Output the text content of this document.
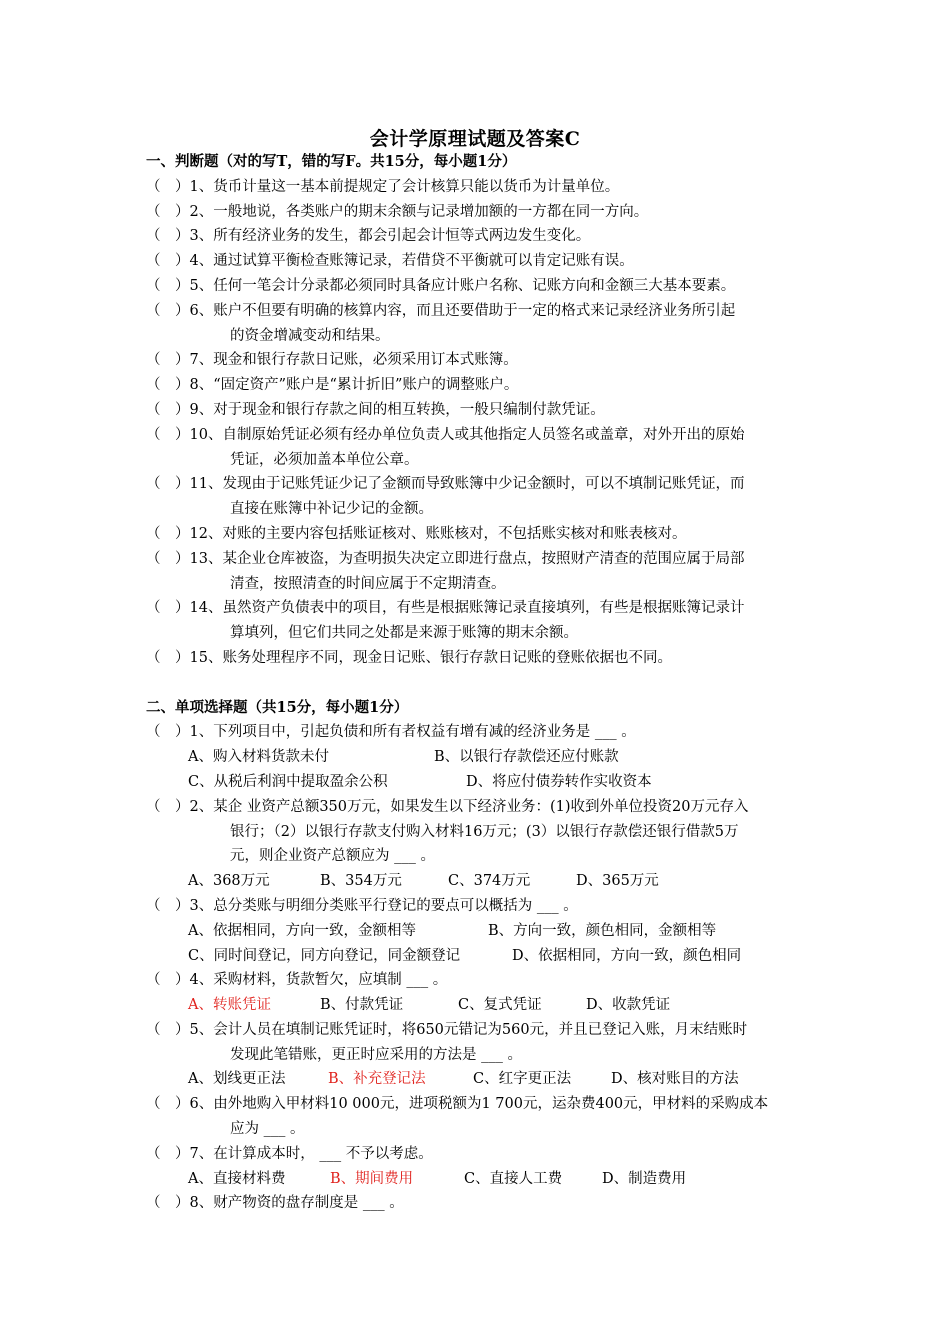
会计学原理试题及答案C
一、判断题（对的写T，错的写F。共15分，每小题1分）
（　）1、货币计量这一基本前提规定了会计核算只能以货币为计量单位。
（　）2、一般地说，各类账户的期末余额与记录增加额的一方都在同一方向。
（　）3、所有经济业务的发生，都会引起会计恒等式两边发生变化。
（　）4、通过试算平衡检查账簿记录，若借贷不平衡就可以肯定记账有误。
（　）5、任何一笔会计分录都必须同时具备应计账户名称、记账方向和金额三大基本要素。
（　）6、账户不但要有明确的核算内容，而且还要借助于一定的格式来记录经济业务所引起
的资金增减变动和结果。
（　）7、现金和银行存款日记账，必须采用订本式账簿。
（　）8、“固定资产”账户是“累计折旧”账户的调整账户。
（　）9、对于现金和银行存款之间的相互转换，一般只编制付款凭证。
（　）10、自制原始凭证必须有经办单位负责人或其他指定人员签名或盖章，对外开出的原始
凭证，必须加盖本单位公章。
（　）11、发现由于记账凭证少记了金额而导致账簿中少记金额时，可以不填制记账凭证，而
直接在账簿中补记少记的金额。
（　）12、对账的主要内容包括账证核对、账账核对，不包括账实核对和账表核对。
（　）13、某企业仓库被盗，为查明损失决定立即进行盘点，按照财产清查的范围应属于局部
清查，按照清查的时间应属于不定期清查。
（　）14、虽然资产负债表中的项目，有些是根据账簿记录直接填列，有些是根据账簿记录计
算填列，但它们共同之处都是来源于账簿的期末余额。
（　）15、账务处理程序不同，现金日记账、银行存款日记账的登账依据也不同。
二、单项选择题（共15分，每小题1分）
（　）1、下列项目中，引起负债和所有者权益有增有减的经济业务是 ___ 。
A、购入材料货款未付	B、以银行存款偿还应付账款
C、从税后利润中提取盈余公积	D、将应付债券转作实收资本
（　）2、某企 业资产总额350万元，如果发生以下经济业务：(1)收到外单位投资20万元存入
银行；（2）以银行存款支付购入材料16万元；(3）以银行存款偿还银行借款5万
元，则企业资产总额应为 ___ 。
A、368万元	B、354万元	C、374万元	D、365万元
（　）3、总分类账与明细分类账平行登记的要点可以概括为 ___ 。
A、依据相同，方向一致，金额相等	B、方向一致，颜色相同，金额相等
C、同时间登记，同方向登记，同金额登记	D、依据相同，方向一致，颜色相同
（　）4、采购材料，货款暂欠，应填制 ___ 。
A、转账凭证	B、付款凭证	C、复式凭证	D、收款凭证
（　）5、会计人员在填制记账凭证时，将650元错记为560元，并且已登记入账，月末结账时
发现此笔错账，更正时应采用的方法是 ___ 。
A、划线更正法	B、补充登记法	C、红字更正法	D、核对账目的方法
（　）6、由外地购入甲材料10 000元，进项税额为1 700元，运杂费400元，甲材料的采购成本
应为 ___ 。
（　）7、在计算成本时， ___ 不予以考虑。
A、直接材料费	B、期间费用	C、直接人工费	D、制造费用
（　）8、财产物资的盘存制度是 ___ 。
